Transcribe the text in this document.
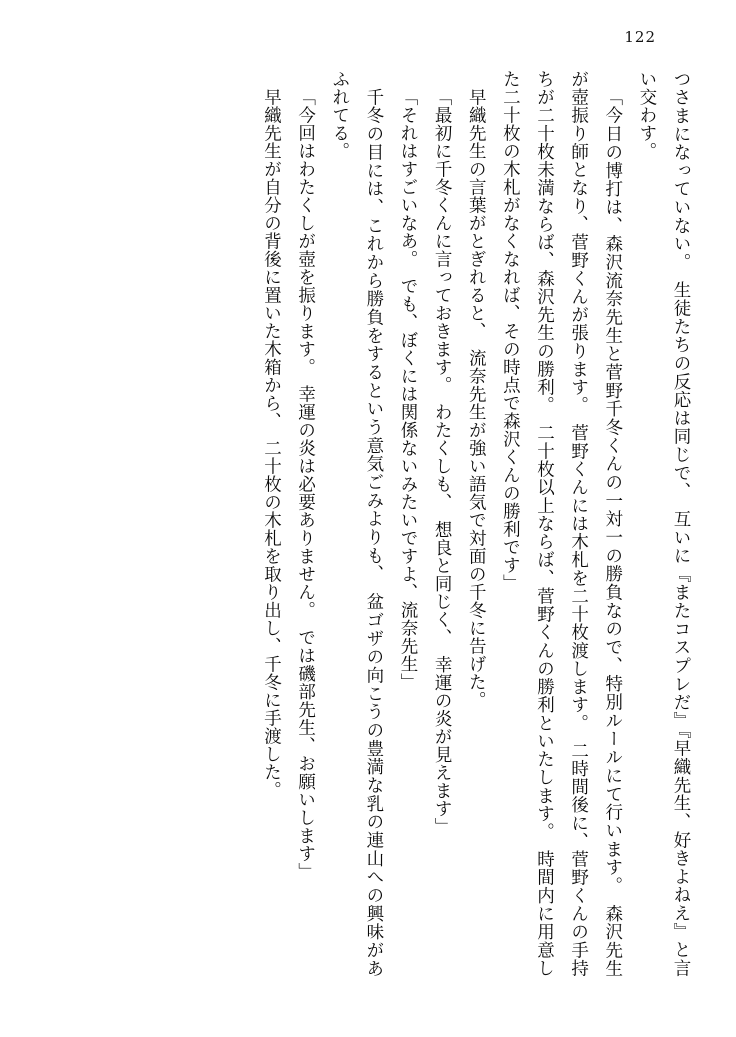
122

つさまになっていない。　生徒たちの反応は同じで、　互いに『またコスプレだ』『早織先生、好きよねえ』と言い交わす。

「今日の博打は、森沢流奈先生と菅野千冬くんの一対一の勝負なので、特別ルールにて行います。　森沢先生が壺振り師となり、菅野くんが張ります。　菅野くんには木札を二十枚渡します。　二時間後に、菅野くんの手持ちが二十枚未満ならば、森沢先生の勝利。　二十枚以上ならば、菅野くんの勝利といたします。　時間内に用意した二十枚の木札がなくなれば、その時点で森沢くんの勝利です」

早織先生の言葉がとぎれると、　流奈先生が強い語気で対面の千冬に告げた。

「最初に千冬くんに言っておきます。　わたくしも、　想良と同じく、　幸運の炎が見えます」

「それはすごいなあ。　でも、ぼくには関係ないみたいですよ、流奈先生」

千冬の目には、これから勝負をするという意気ごみよりも、　盆ゴザの向こうの豊満な乳の連山への興味があふれてる。

「今回はわたくしが壺を振ります。　幸運の炎は必要ありません。　では磯部先生、お願いします」

早織先生が自分の背後に置いた木箱から、　二十枚の木札を取り出し、千冬に手渡した。
